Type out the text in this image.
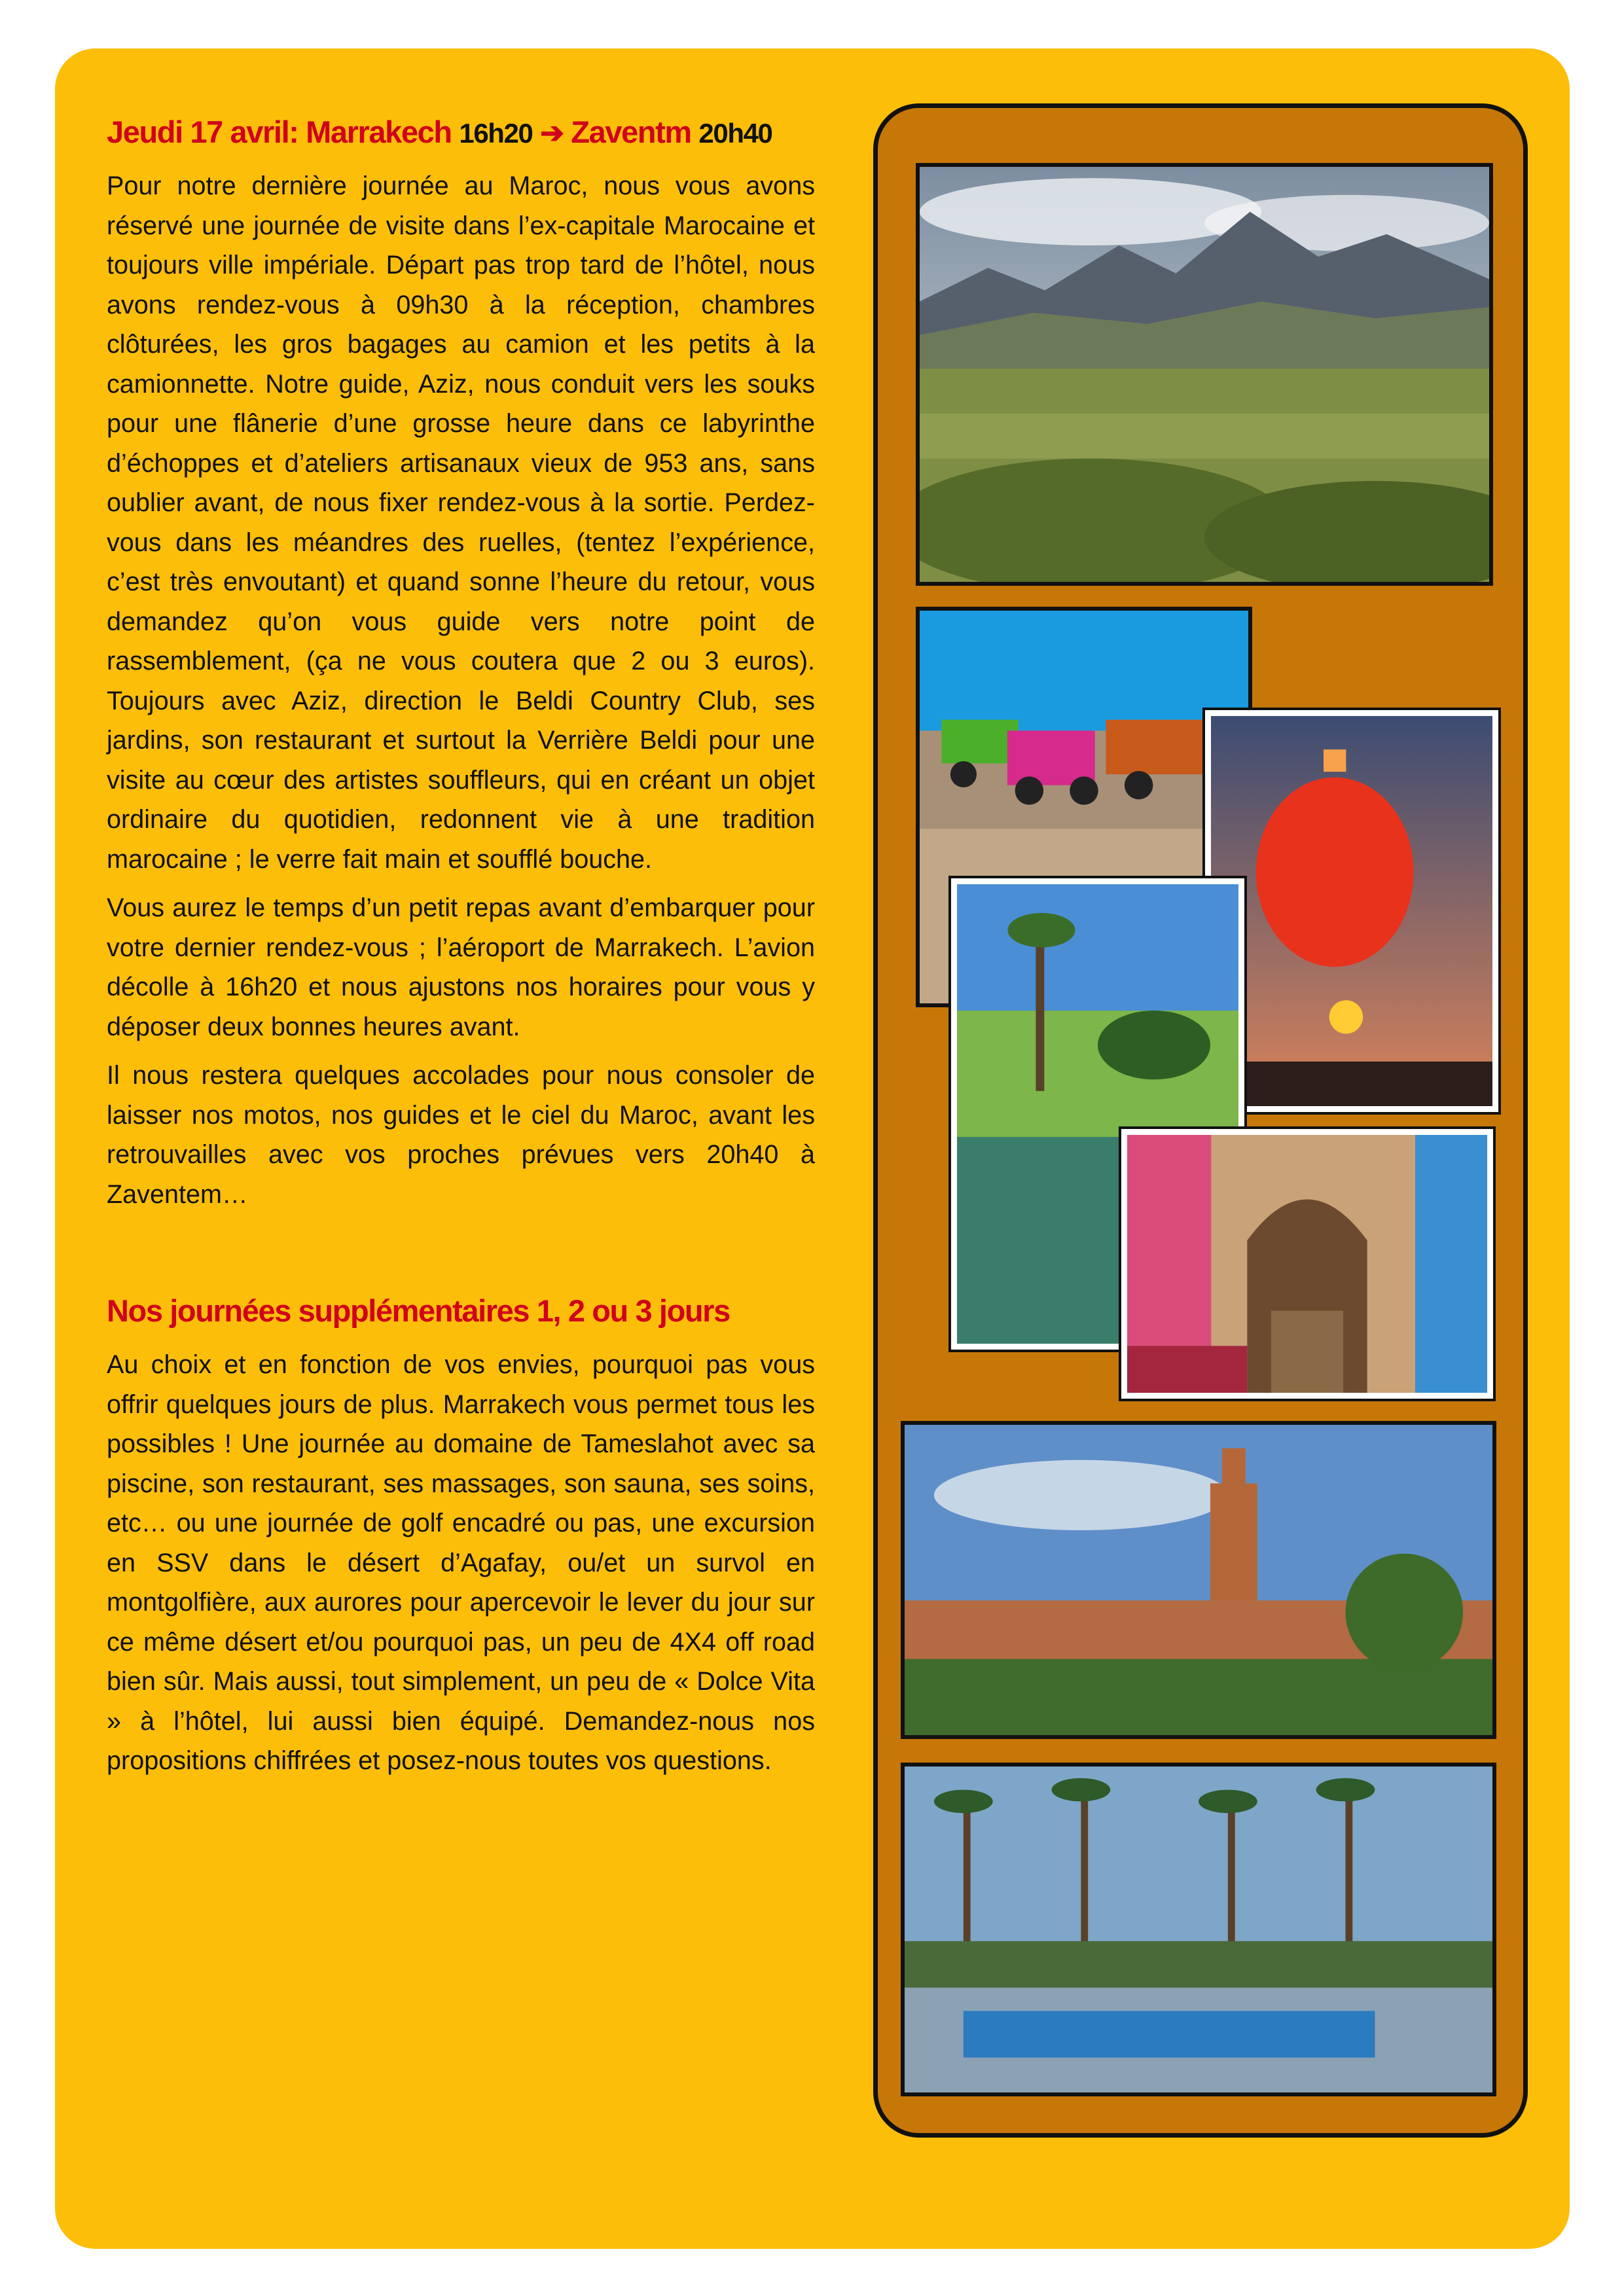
Jeudi 17 avril: Marrakech 16h20 ➔ Zaventm 20h40

Pour notre dernière journée au Maroc, nous vous avons réservé une journée de visite dans l’ex-capitale Marocaine et toujours ville impériale. Départ pas trop tard de l’hôtel, nous avons rendez-vous à 09h30 à la réception, chambres clôturées, les gros bagages au camion et les petits à la camionnette. Notre guide, Aziz, nous conduit vers les souks pour une flânerie d’une grosse heure dans ce labyrinthe d’échoppes et d’ateliers artisanaux vieux de 953 ans, sans oublier avant, de nous fixer rendez-vous à la sortie. Perdez-vous dans les méandres des ruelles, (tentez l’expérience, c’est très envoutant) et quand sonne l’heure du retour, vous demandez qu’on vous guide vers notre point de rassemblement, (ça ne vous coutera que 2 ou 3 euros). Toujours avec Aziz, direction le Beldi Country Club, ses jardins, son restaurant et surtout la Verrière Beldi pour une visite au cœur des artistes souffleurs, qui en créant un objet ordinaire du quotidien, redonnent vie à une tradition marocaine ; le verre fait main et soufflé bouche.

Vous aurez le temps d’un petit repas avant d’embarquer pour votre dernier rendez-vous ; l’aéroport de Marrakech. L’avion décolle à 16h20 et nous ajustons nos horaires pour vous y déposer deux bonnes heures avant.

Il nous restera quelques accolades pour nous consoler de laisser nos motos, nos guides et le ciel du Maroc, avant les retrouvailles avec vos proches prévues vers 20h40 à Zaventem…

Nos journées supplémentaires 1, 2 ou 3 jours

Au choix et en fonction de vos envies, pourquoi pas vous offrir quelques jours de plus. Marrakech vous permet tous les possibles ! Une journée au domaine de Tameslahot avec sa piscine, son restaurant, ses massages, son sauna, ses soins, etc… ou une journée de golf encadré ou pas, une excursion en SSV dans le désert d’Agafay, ou/et un survol en montgolfière, aux aurores pour apercevoir le lever du jour sur ce même désert et/ou pourquoi pas, un peu de 4X4 off road bien sûr. Mais aussi, tout simplement, un peu de « Dolce Vita » à l’hôtel, lui aussi bien équipé. Demandez-nous nos propositions chiffrées et posez-nous toutes vos questions.
